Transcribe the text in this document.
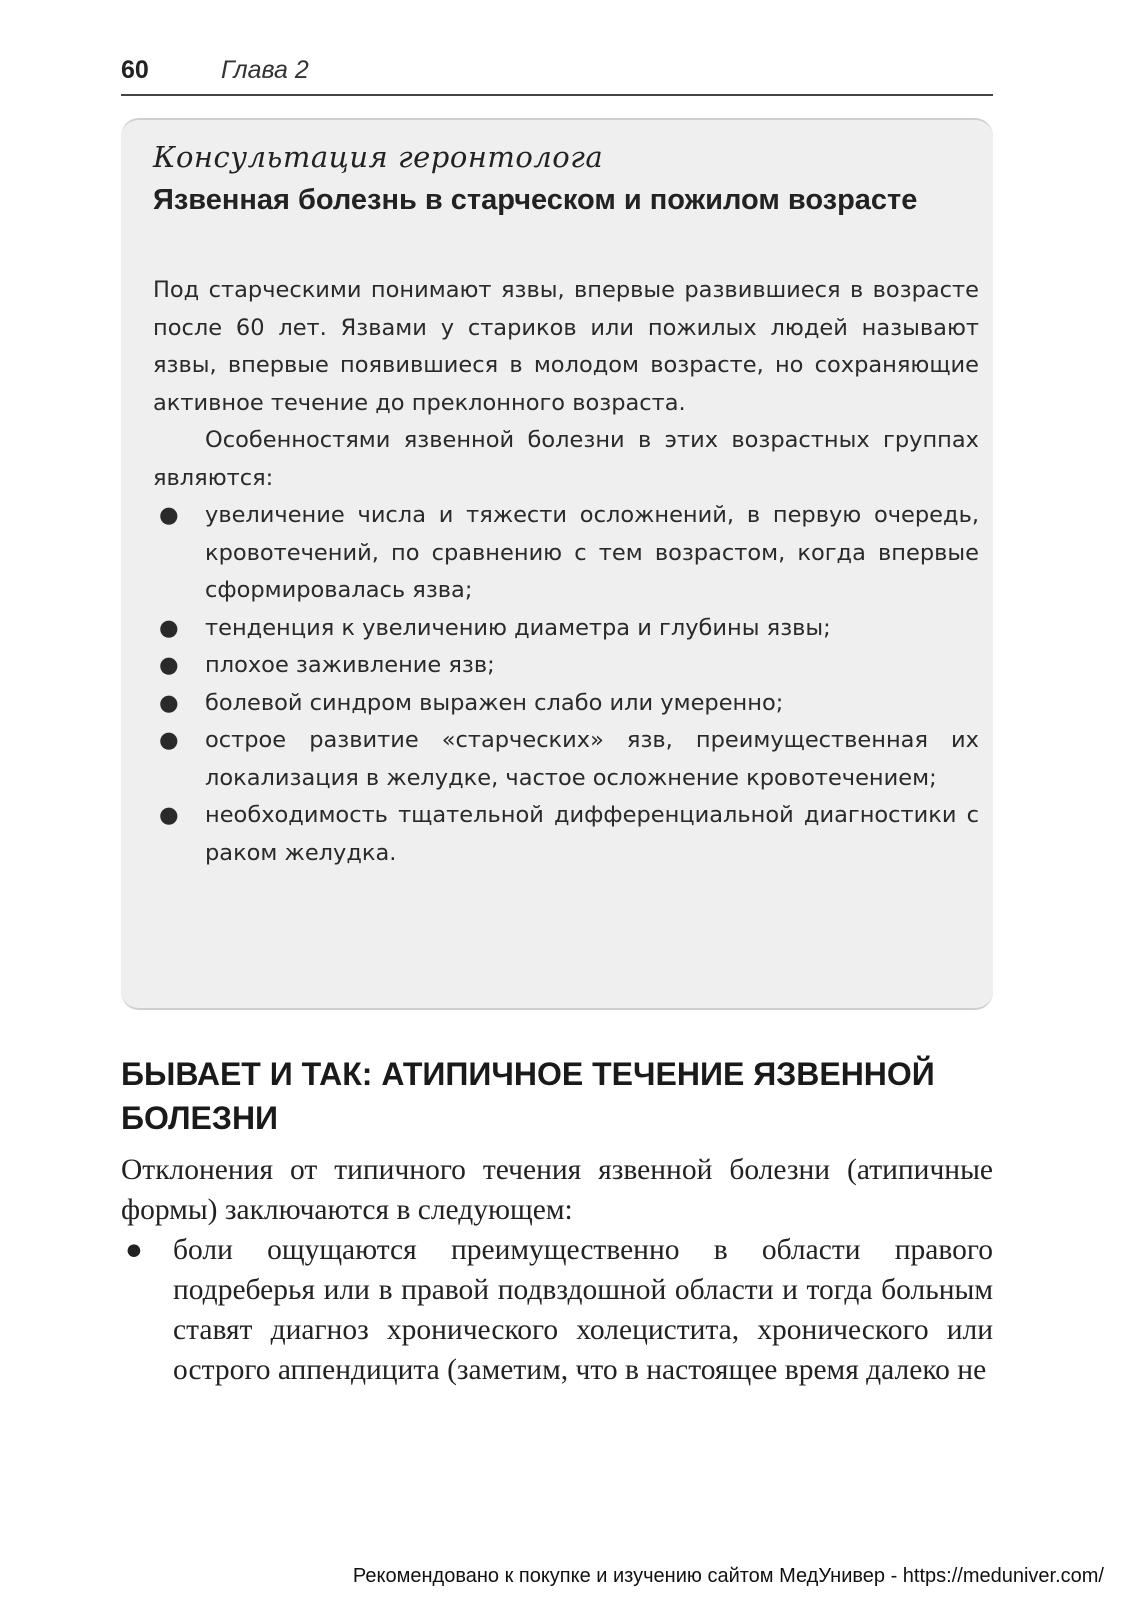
60	Глава 2
Консультация геронтолога
Язвенная болезнь в старческом и пожилом возрасте

Под старческими понимают язвы, впервые развившиеся в возрасте после 60 лет. Язвами у стариков или пожилых людей называют язвы, впервые появившиеся в молодом возрасте, но сохраняющие активное течение до преклонного возраста.

Особенностями язвенной болезни в этих возрастных группах являются:

● увеличение числа и тяжести осложнений, в первую очередь, кровотечений, по сравнению с тем возрастом, когда впервые сформировалась язва;
● тенденция к увеличению диаметра и глубины язвы;
● плохое заживление язв;
● болевой синдром выражен слабо или умеренно;
● острое развитие «старческих» язв, преимущественная их локализация в желудке, частое осложнение кровотечением;
● необходимость тщательной дифференциальной диагностики с раком желудка.
БЫВАЕТ И ТАК: АТИПИЧНОЕ ТЕЧЕНИЕ ЯЗВЕННОЙ БОЛЕЗНИ

Отклонения от типичного течения язвенной болезни (атипичные формы) заключаются в следующем:

● боли ощущаются преимущественно в области правого подреберья или в правой подвздошной области и тогда больным ставят диагноз хронического холецистита, хронического или острого аппендицита (заметим, что в настоящее время далеко не
Рекомендовано к покупке и изучению сайтом МедУнивер - https://meduniver.com/
